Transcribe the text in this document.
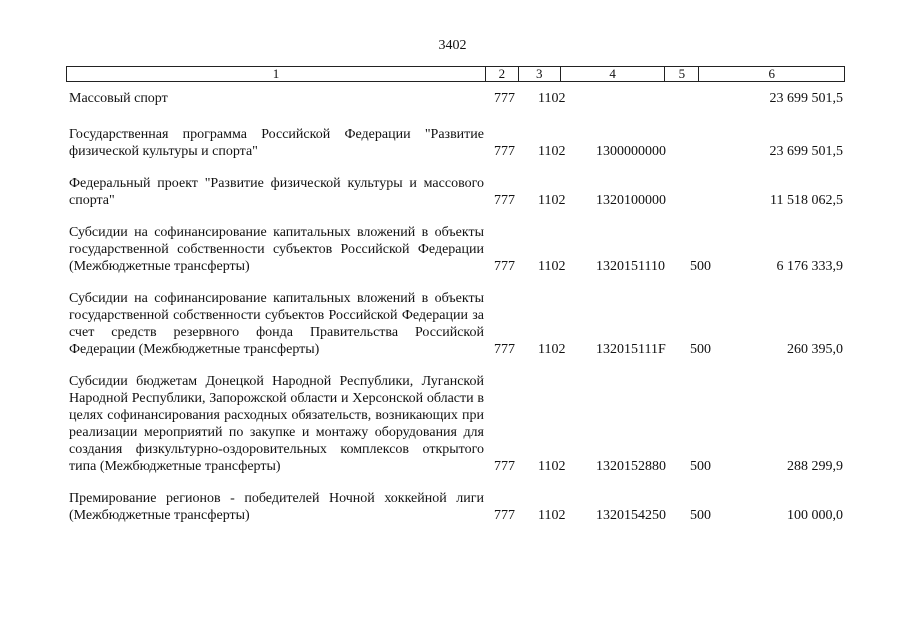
3402
1	2	3	4	5	6
Массовый спорт	777 1102	23 699 501,5
Государственная программа Российской Федерации "Развитие физической культуры и спорта"	777 1102 1300000000	23 699 501,5
Федеральный проект "Развитие физической культуры и массового спорта"	777 1102 1320100000	11 518 062,5
Субсидии на софинансирование капитальных вложений в объекты государственной собственности субъектов Российской Федерации (Межбюджетные трансферты)	777 1102 1320151110 500	6 176 333,9
Субсидии на софинансирование капитальных вложений в объекты государственной собственности субъектов Российской Федерации за счет средств резервного фонда Правительства Российской Федерации (Межбюджетные трансферты)	777 1102 132015111F 500	260 395,0
Субсидии бюджетам Донецкой Народной Республики, Луганской Народной Республики, Запорожской области и Херсонской области в целях софинансирования расходных обязательств, возникающих при реализации мероприятий по закупке и монтажу оборудования для создания физкультурно-оздоровительных комплексов открытого типа (Межбюджетные трансферты)	777 1102 1320152880 500	288 299,9
Премирование регионов - победителей Ночной хоккейной лиги (Межбюджетные трансферты)	777 1102 1320154250 500	100 000,0
